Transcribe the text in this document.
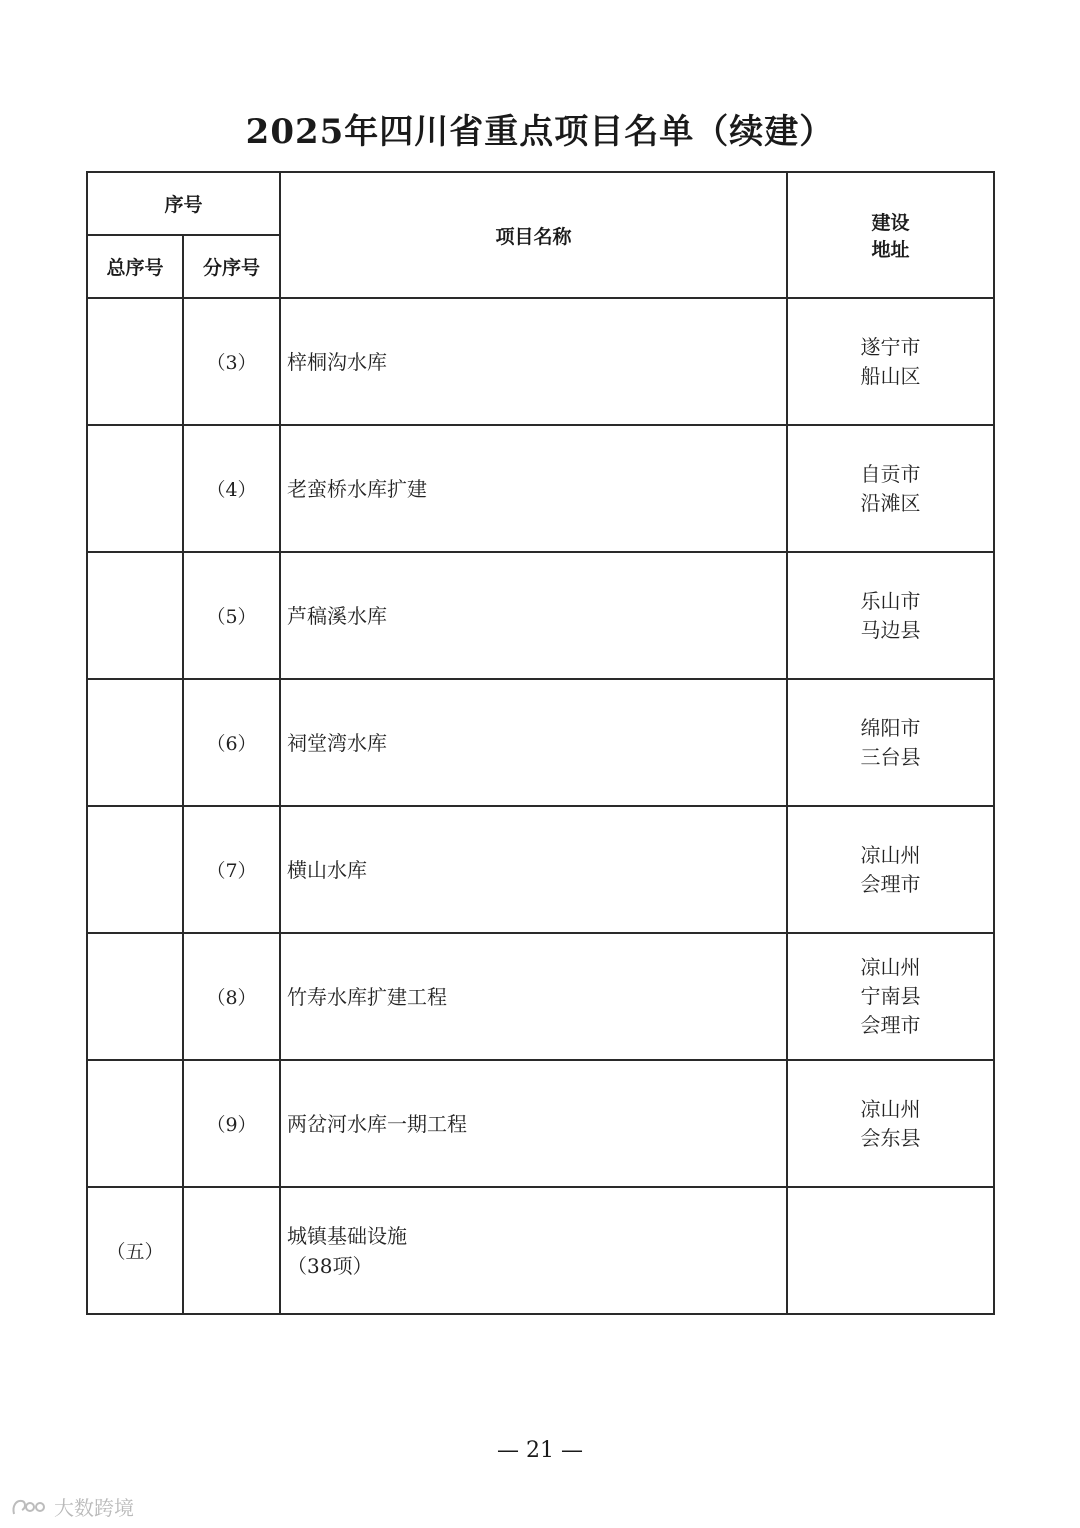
2025年四川省重点项目名单（续建）
序号		项目名称	建设
地址

总序号	分序号		
	（3）	梓桐沟水库	遂宁市
船山区

	（4）	老蛮桥水库扩建	自贡市
沿滩区

	（5）	芦稿溪水库	乐山市
马边县

	（6）	祠堂湾水库	绵阳市
三台县

	（7）	横山水库	凉山州
会理市

	（8）	竹寿水库扩建工程	凉山州
宁南县
会理市

	（9）	两岔河水库一期工程	凉山州
会东县

（五）		城镇基础设施
（38项）	

— 21 —
大数跨境
